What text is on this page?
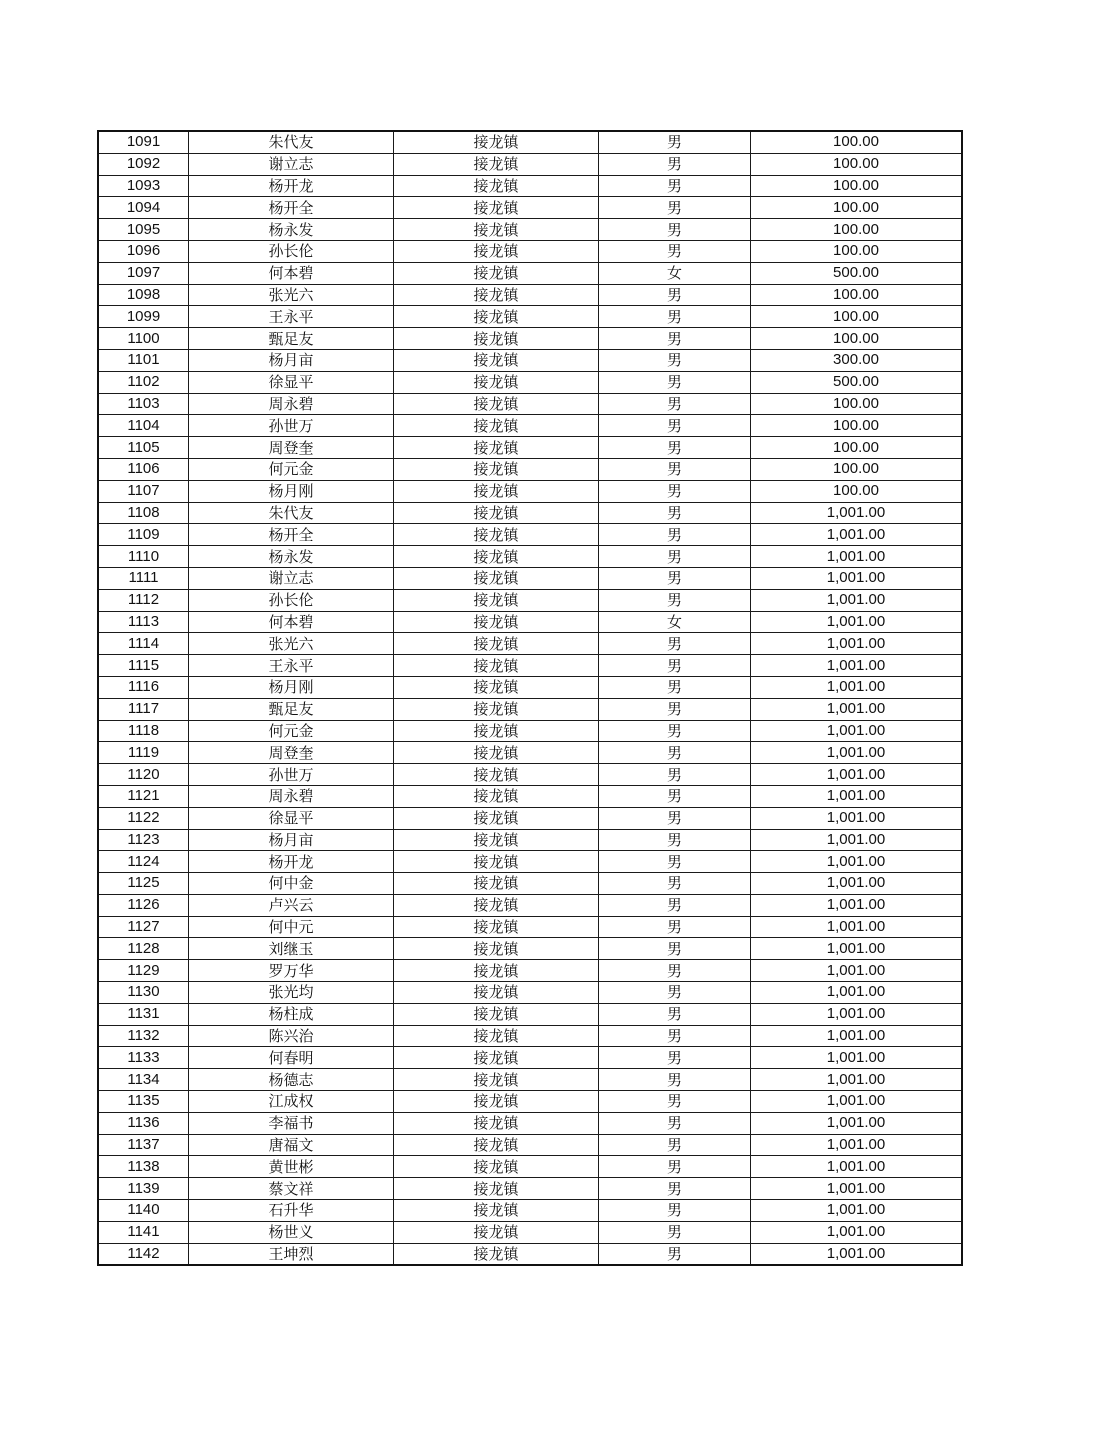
1091	朱代友	接龙镇	男	100.00
1092	谢立志	接龙镇	男	100.00
1093	杨开龙	接龙镇	男	100.00
1094	杨开全	接龙镇	男	100.00
1095	杨永发	接龙镇	男	100.00
1096	孙长伦	接龙镇	男	100.00
1097	何本碧	接龙镇	女	500.00
1098	张光六	接龙镇	男	100.00
1099	王永平	接龙镇	男	100.00
1100	甄足友	接龙镇	男	100.00
1101	杨月亩	接龙镇	男	300.00
1102	徐显平	接龙镇	男	500.00
1103	周永碧	接龙镇	男	100.00
1104	孙世万	接龙镇	男	100.00
1105	周登奎	接龙镇	男	100.00
1106	何元金	接龙镇	男	100.00
1107	杨月刚	接龙镇	男	100.00
1108	朱代友	接龙镇	男	1,001.00
1109	杨开全	接龙镇	男	1,001.00
1110	杨永发	接龙镇	男	1,001.00
1111	谢立志	接龙镇	男	1,001.00
1112	孙长伦	接龙镇	男	1,001.00
1113	何本碧	接龙镇	女	1,001.00
1114	张光六	接龙镇	男	1,001.00
1115	王永平	接龙镇	男	1,001.00
1116	杨月刚	接龙镇	男	1,001.00
1117	甄足友	接龙镇	男	1,001.00
1118	何元金	接龙镇	男	1,001.00
1119	周登奎	接龙镇	男	1,001.00
1120	孙世万	接龙镇	男	1,001.00
1121	周永碧	接龙镇	男	1,001.00
1122	徐显平	接龙镇	男	1,001.00
1123	杨月亩	接龙镇	男	1,001.00
1124	杨开龙	接龙镇	男	1,001.00
1125	何中金	接龙镇	男	1,001.00
1126	卢兴云	接龙镇	男	1,001.00
1127	何中元	接龙镇	男	1,001.00
1128	刘继玉	接龙镇	男	1,001.00
1129	罗万华	接龙镇	男	1,001.00
1130	张光均	接龙镇	男	1,001.00
1131	杨柱成	接龙镇	男	1,001.00
1132	陈兴治	接龙镇	男	1,001.00
1133	何春明	接龙镇	男	1,001.00
1134	杨德志	接龙镇	男	1,001.00
1135	江成权	接龙镇	男	1,001.00
1136	李福书	接龙镇	男	1,001.00
1137	唐福文	接龙镇	男	1,001.00
1138	黄世彬	接龙镇	男	1,001.00
1139	蔡文祥	接龙镇	男	1,001.00
1140	石升华	接龙镇	男	1,001.00
1141	杨世义	接龙镇	男	1,001.00
1142	王坤烈	接龙镇	男	1,001.00
